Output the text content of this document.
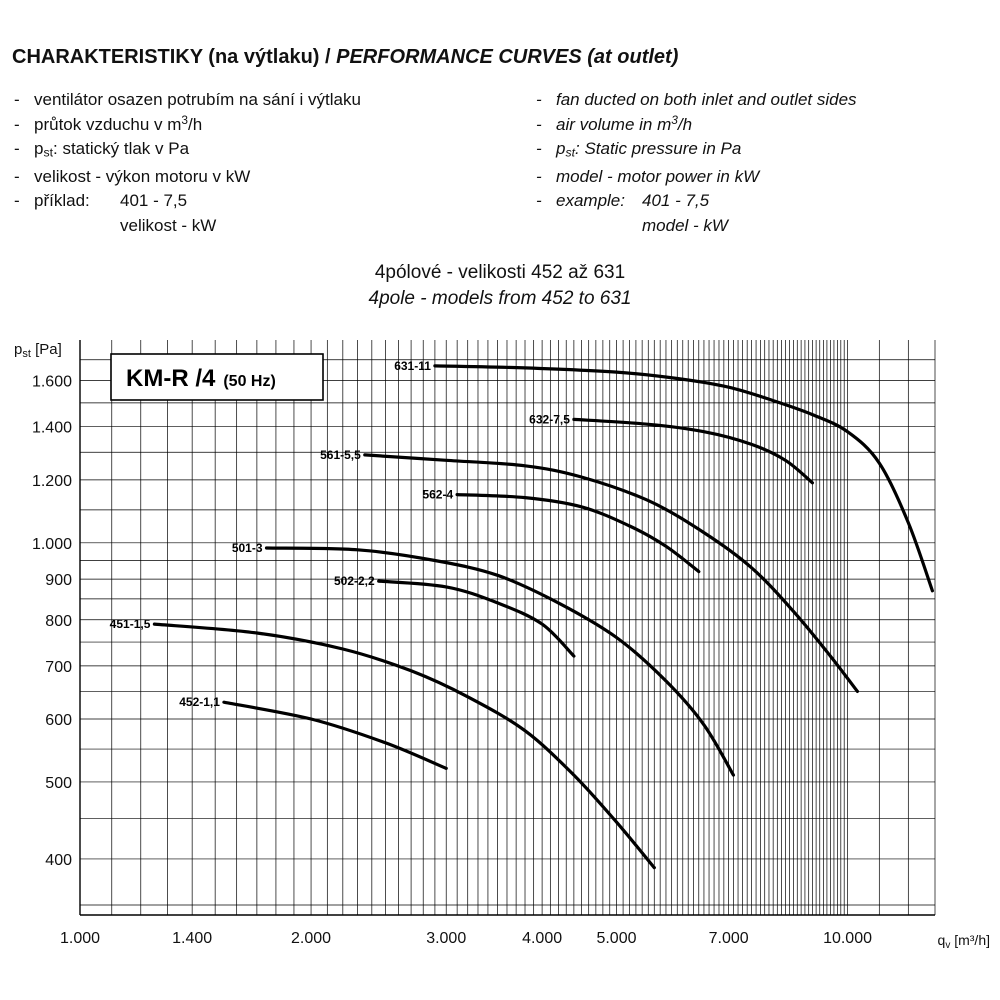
CHARAKTERISTIKY (na výtlaku) / PERFORMANCE CURVES (at outlet)
- ventilátor osazen potrubím na sání i výtlaku
- průtok vzduchu v $m^3/h$
- $p_{st}$: statický tlak v Pa
- velikost - výkon motoru v kW
- příklad: 401 - 7,5
velikost - kW
- fan ducted on both inlet and outlet sides
- air volume in $m^3/h$
- $p_{st}$: Static pressure in Pa
- model - motor power in kW
- example: 401 - 7,5
model - kW
4pólové - velikosti 452 až 631
4pole - models from 452 to 631
1.000	1.400	2.000	3.000	4.000 5.000	7.000	10.000
400
500
600
700
800
900
1.000
1.200
1.400
1.600
$p_{st}$ [Pa]
$q_v$ [m³/h]
KM-R /4 (50 Hz)
631-11
632-7,5
561-5,5
562-4
501-3
502-2,2
451-1,5
452-1,1
